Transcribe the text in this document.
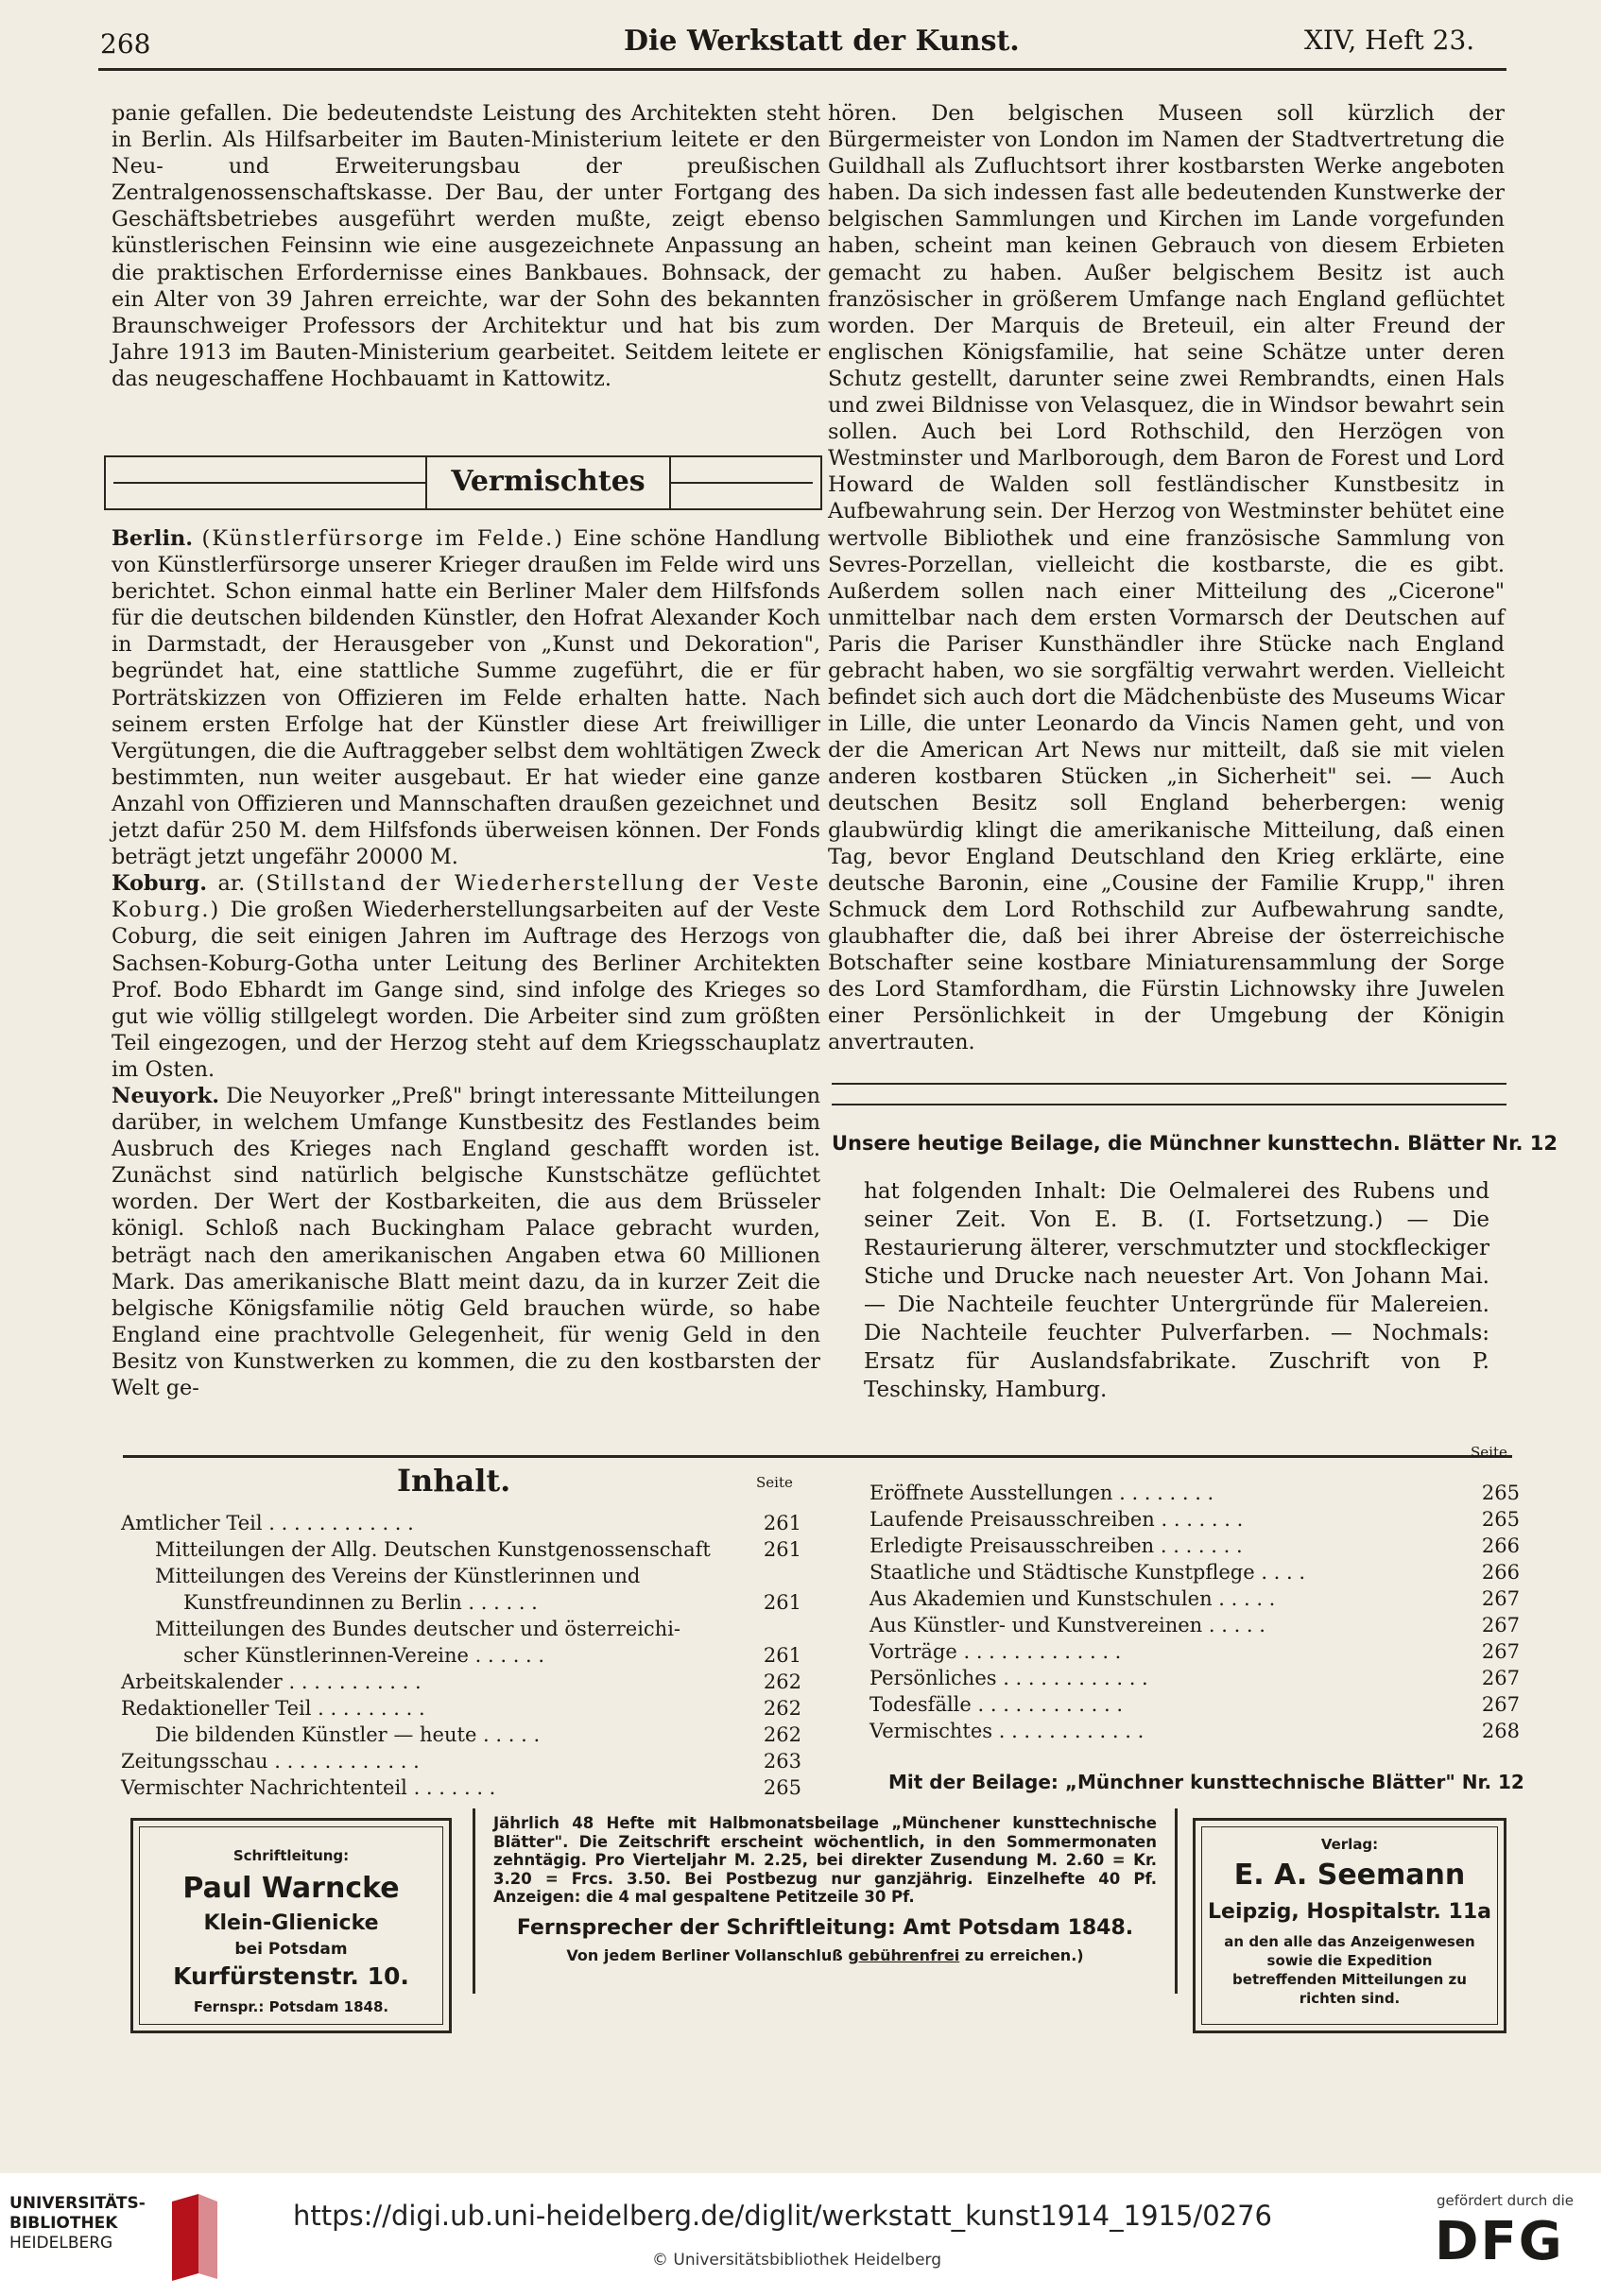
268	Die Werkstatt der Kunst.	XIV, Heft 23.

panie gefallen. Die bedeutendste Leistung des Architekten steht in Berlin. Als Hilfsarbeiter im Bauten-Ministerium leitete er den Neu- und Erweiterungsbau der preußischen Zentralgenossenschaftskasse. Der Bau, der unter Fortgang des Geschäftsbetriebes ausgeführt werden mußte, zeigt ebenso künstlerischen Feinsinn wie eine ausgezeichnete Anpassung an die praktischen Erfordernisse eines Bankbaues. Bohnsack, der ein Alter von 39 Jahren erreichte, war der Sohn des bekannten Braunschweiger Professors der Architektur und hat bis zum Jahre 1913 im Bauten-Ministerium gearbeitet. Seitdem leitete er das neugeschaffene Hochbauamt in Kattowitz.

Vermischtes

Berlin. (Künstlerfürsorge im Felde.) Eine schöne Handlung von Künstlerfürsorge unserer Krieger draußen im Felde wird uns berichtet. Schon einmal hatte ein Berliner Maler dem Hilfsfonds für die deutschen bildenden Künstler, den Hofrat Alexander Koch in Darmstadt, der Herausgeber von „Kunst und Dekoration", begründet hat, eine stattliche Summe zugeführt, die er für Porträtskizzen von Offizieren im Felde erhalten hatte. Nach seinem ersten Erfolge hat der Künstler diese Art freiwilliger Vergütungen, die die Auftraggeber selbst dem wohltätigen Zweck bestimmten, nun weiter ausgebaut. Er hat wieder eine ganze Anzahl von Offizieren und Mannschaften draußen gezeichnet und jetzt dafür 250 M. dem Hilfsfonds überweisen können. Der Fonds beträgt jetzt ungefähr 20000 M.

Koburg. ar. (Stillstand der Wiederherstellung der Veste Koburg.) Die großen Wiederherstellungsarbeiten auf der Veste Coburg, die seit einigen Jahren im Auftrage des Herzogs von Sachsen-Koburg-Gotha unter Leitung des Berliner Architekten Prof. Bodo Ebhardt im Gange sind, sind infolge des Krieges so gut wie völlig stillgelegt worden. Die Arbeiter sind zum größten Teil eingezogen, und der Herzog steht auf dem Kriegsschauplatz im Osten.

Neuyork. Die Neuyorker „Preß" bringt interessante Mitteilungen darüber, in welchem Umfange Kunstbesitz des Festlandes beim Ausbruch des Krieges nach England geschafft worden ist. Zunächst sind natürlich belgische Kunstschätze geflüchtet worden. Der Wert der Kostbarkeiten, die aus dem Brüsseler königl. Schloß nach Buckingham Palace gebracht wurden, beträgt nach den amerikanischen Angaben etwa 60 Millionen Mark. Das amerikanische Blatt meint dazu, da in kurzer Zeit die belgische Königsfamilie nötig Geld brauchen würde, so habe England eine prachtvolle Gelegenheit, für wenig Geld in den Besitz von Kunstwerken zu kommen, die zu den kostbarsten der Welt ge-

hören. Den belgischen Museen soll kürzlich der Bürgermeister von London im Namen der Stadtvertretung die Guildhall als Zufluchtsort ihrer kostbarsten Werke angeboten haben. Da sich indessen fast alle bedeutenden Kunstwerke der belgischen Sammlungen und Kirchen im Lande vorgefunden haben, scheint man keinen Gebrauch von diesem Erbieten gemacht zu haben. Außer belgischem Besitz ist auch französischer in größerem Umfange nach England geflüchtet worden. Der Marquis de Breteuil, ein alter Freund der englischen Königsfamilie, hat seine Schätze unter deren Schutz gestellt, darunter seine zwei Rembrandts, einen Hals und zwei Bildnisse von Velasquez, die in Windsor bewahrt sein sollen. Auch bei Lord Rothschild, den Herzögen von Westminster und Marlborough, dem Baron de Forest und Lord Howard de Walden soll festländischer Kunstbesitz in Aufbewahrung sein. Der Herzog von Westminster behütet eine wertvolle Bibliothek und eine französische Sammlung von Sevres-Porzellan, vielleicht die kostbarste, die es gibt. Außerdem sollen nach einer Mitteilung des „Cicerone" unmittelbar nach dem ersten Vormarsch der Deutschen auf Paris die Pariser Kunsthändler ihre Stücke nach England gebracht haben, wo sie sorgfältig verwahrt werden. Vielleicht befindet sich auch dort die Mädchenbüste des Museums Wicar in Lille, die unter Leonardo da Vincis Namen geht, und von der die American Art News nur mitteilt, daß sie mit vielen anderen kostbaren Stücken „in Sicherheit" sei. — Auch deutschen Besitz soll England beherbergen: wenig glaubwürdig klingt die amerikanische Mitteilung, daß einen Tag, bevor England Deutschland den Krieg erklärte, eine deutsche Baronin, eine „Cousine der Familie Krupp," ihren Schmuck dem Lord Rothschild zur Aufbewahrung sandte, glaubhafter die, daß bei ihrer Abreise der österreichische Botschafter seine kostbare Miniaturensammlung der Sorge des Lord Stamfordham, die Fürstin Lichnowsky ihre Juwelen einer Persönlichkeit in der Umgebung der Königin anvertrauten.

Unsere heutige Beilage, die Münchner kunsttechn. Blätter Nr. 12

hat folgenden Inhalt: Die Oelmalerei des Rubens und seiner Zeit. Von E. B. (I. Fortsetzung.) — Die Restaurierung älterer, verschmutzter und stockfleckiger Stiche und Drucke nach neuester Art. Von Johann Mai. — Die Nachteile feuchter Untergründe für Malereien. Die Nachteile feuchter Pulverfarben. — Nochmals: Ersatz für Auslandsfabrikate. Zuschrift von P. Teschinsky, Hamburg.

Inhalt.	Seite
Seite
Amtlicher Teil . . . . . . . . . . . .	261
Mitteilungen der Allg. Deutschen Kunstgenossenschaft	261
Mitteilungen des Vereins der Künstlerinnen und
Kunstfreundinnen zu Berlin . . . . . .	261
Mitteilungen des Bundes deutscher und österreichi-
scher Künstlerinnen-Vereine . . . . . .	261
Arbeitskalender . . . . . . . . . . .	262
Redaktioneller Teil . . . . . . . . .	262
Die bildenden Künstler — heute . . . . .	262
Zeitungsschau . . . . . . . . . . . .	263
Vermischter Nachrichtenteil . . . . . . .	265
Eröffnete Ausstellungen . . . . . . . .	265
Laufende Preisausschreiben . . . . . . .	265
Erledigte Preisausschreiben . . . . . . .	266
Staatliche und Städtische Kunstpflege . . . .	266
Aus Akademien und Kunstschulen . . . . .	267
Aus Künstler- und Kunstvereinen . . . . .	267
Vorträge . . . . . . . . . . . . .	267
Persönliches . . . . . . . . . . . .	267
Todesfälle . . . . . . . . . . . .	267
Vermischtes . . . . . . . . . . . .	268
Mit der Beilage: „Münchner kunsttechnische Blätter" Nr. 12
Schriftleitung:
Paul Warncke
Klein-Glienicke
bei Potsdam
Kurfürstenstr. 10.
Fernspr.: Potsdam 1848.
Jährlich 48 Hefte mit Halbmonatsbeilage „Münchener kunsttechnische Blätter". Die Zeitschrift erscheint wöchentlich, in den Sommermonaten zehntägig. Pro Vierteljahr M. 2.25, bei direkter Zusendung M. 2.60 = Kr. 3.20 = Frcs. 3.50. Bei Postbezug nur ganzjährig. Einzelhefte 40 Pf. Anzeigen: die 4 mal gespaltene Petitzeile 30 Pf.
Fernsprecher der Schriftleitung: Amt Potsdam 1848.
Von jedem Berliner Vollanschluß gebührenfrei zu erreichen.)
Verlag:
E. A. Seemann
Leipzig, Hospitalstr. 11a
an den alle das Anzeigenwesen sowie die Expedition betreffenden Mitteilungen zu richten sind.
UNIVERSITÄTS-
BIBLIOTHEK
HEIDELBERG
https://digi.ub.uni-heidelberg.de/diglit/werkstatt_kunst1914_1915/0276
© Universitätsbibliothek Heidelberg
gefördert durch die
DFG
